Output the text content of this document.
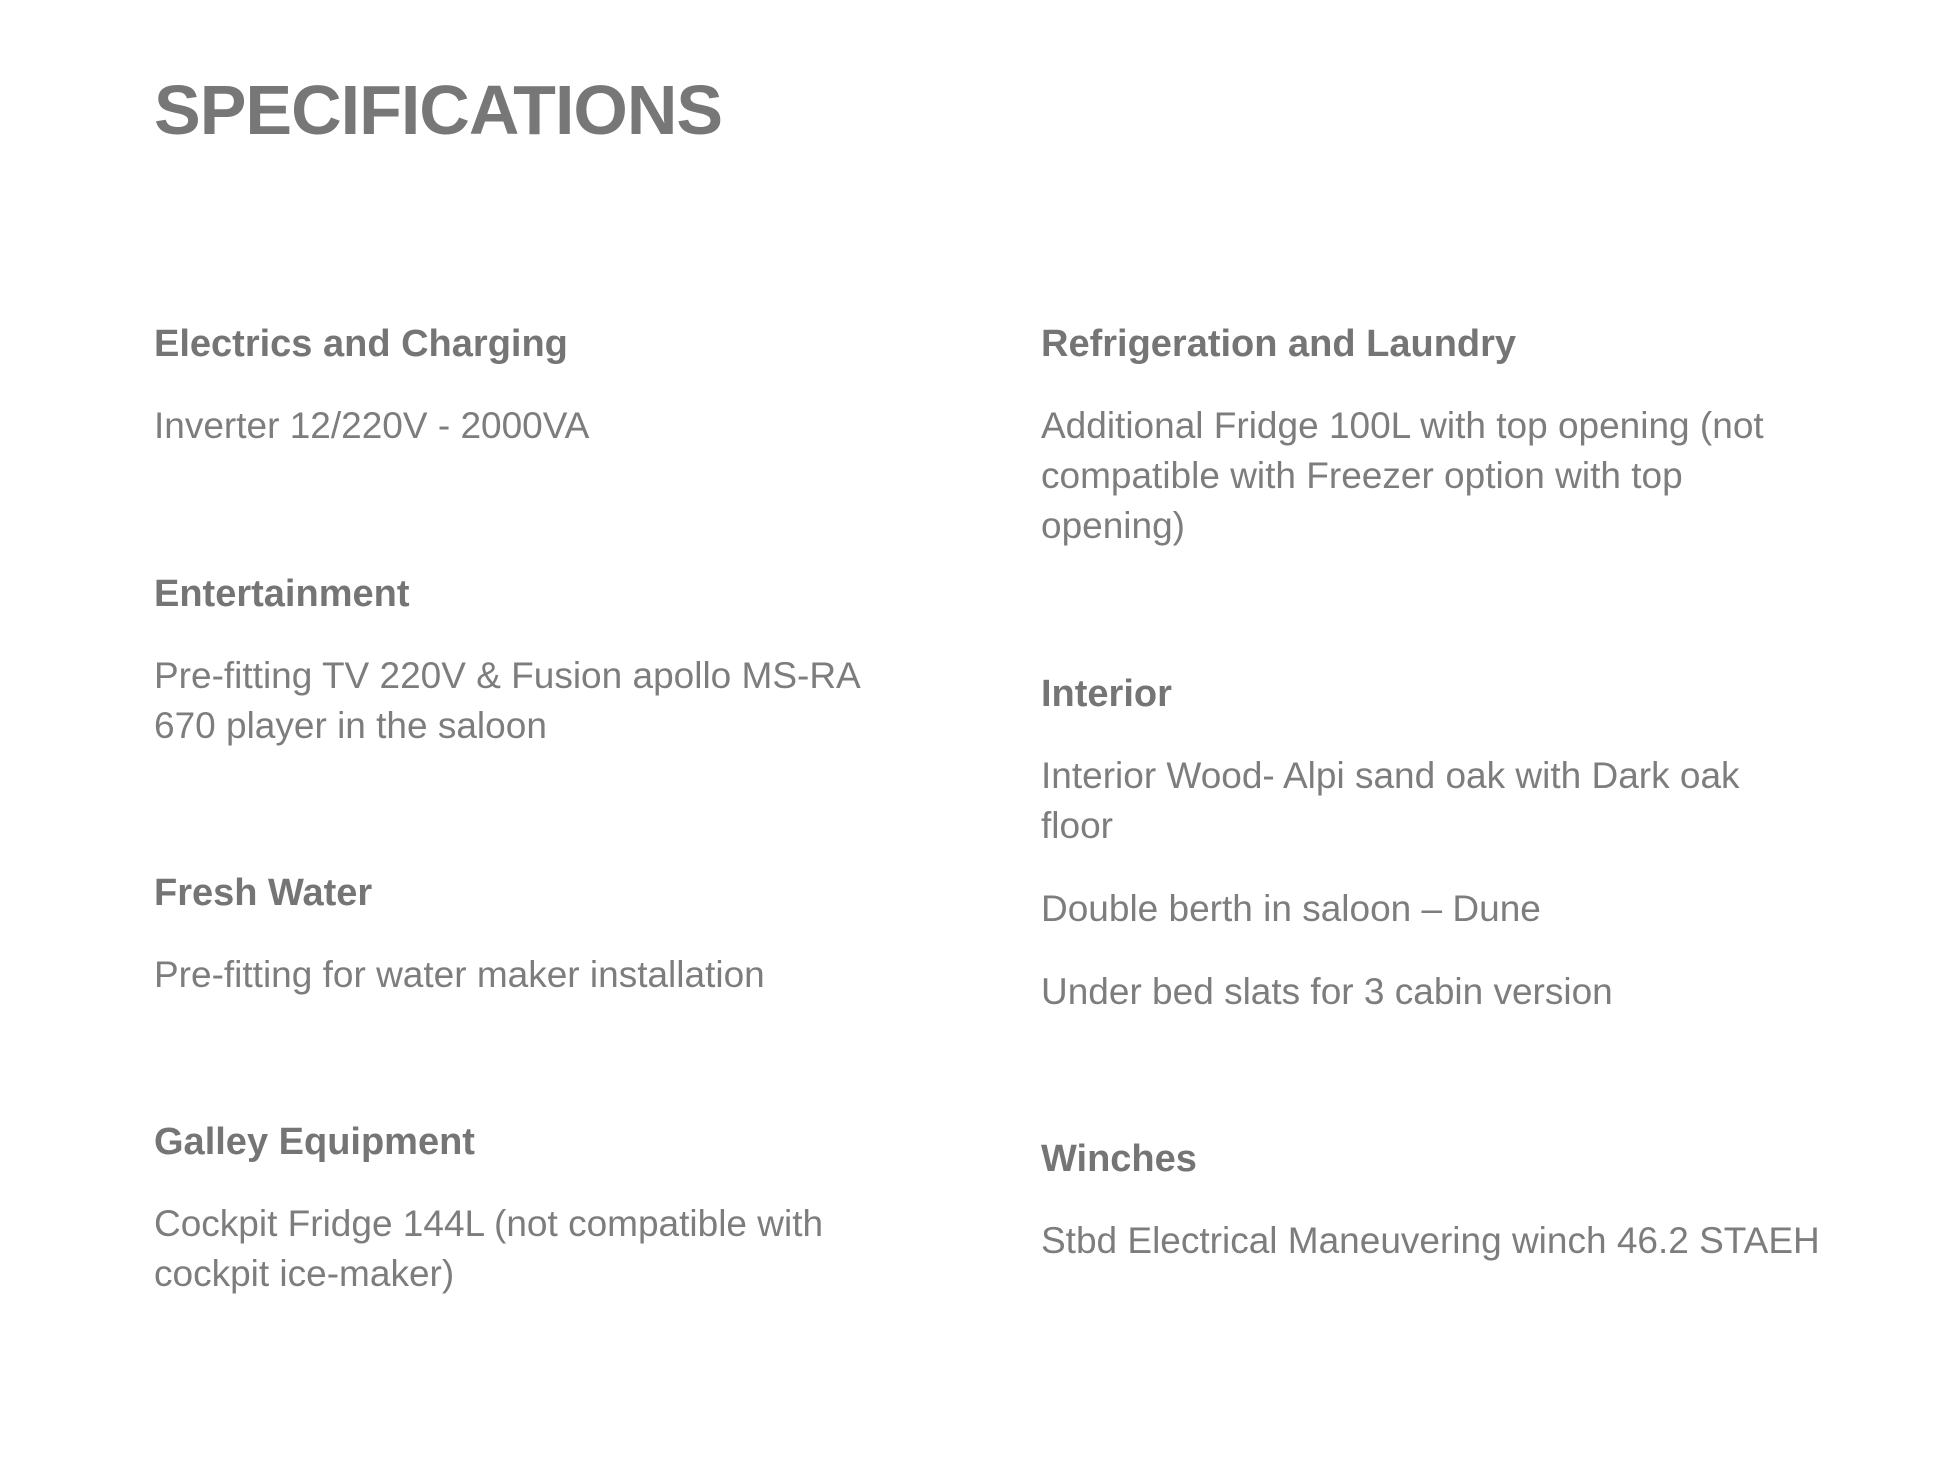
SPECIFICATIONS
Electrics and Charging

Inverter 12/220V - 2000VA

Entertainment

Pre-fitting TV 220V & Fusion apollo MS-RA 670 player in the saloon

Fresh Water

Pre-fitting for water maker installation

Galley Equipment

Cockpit Fridge 144L (not compatible with cockpit ice-maker)

Refrigeration and Laundry

Additional Fridge 100L with top opening (not compatible with Freezer option with top opening)

Interior

Interior Wood- Alpi sand oak with Dark oak floor

Double berth in saloon – Dune

Under bed slats for 3 cabin version

Winches

Stbd Electrical Maneuvering winch 46.2 STAEH
